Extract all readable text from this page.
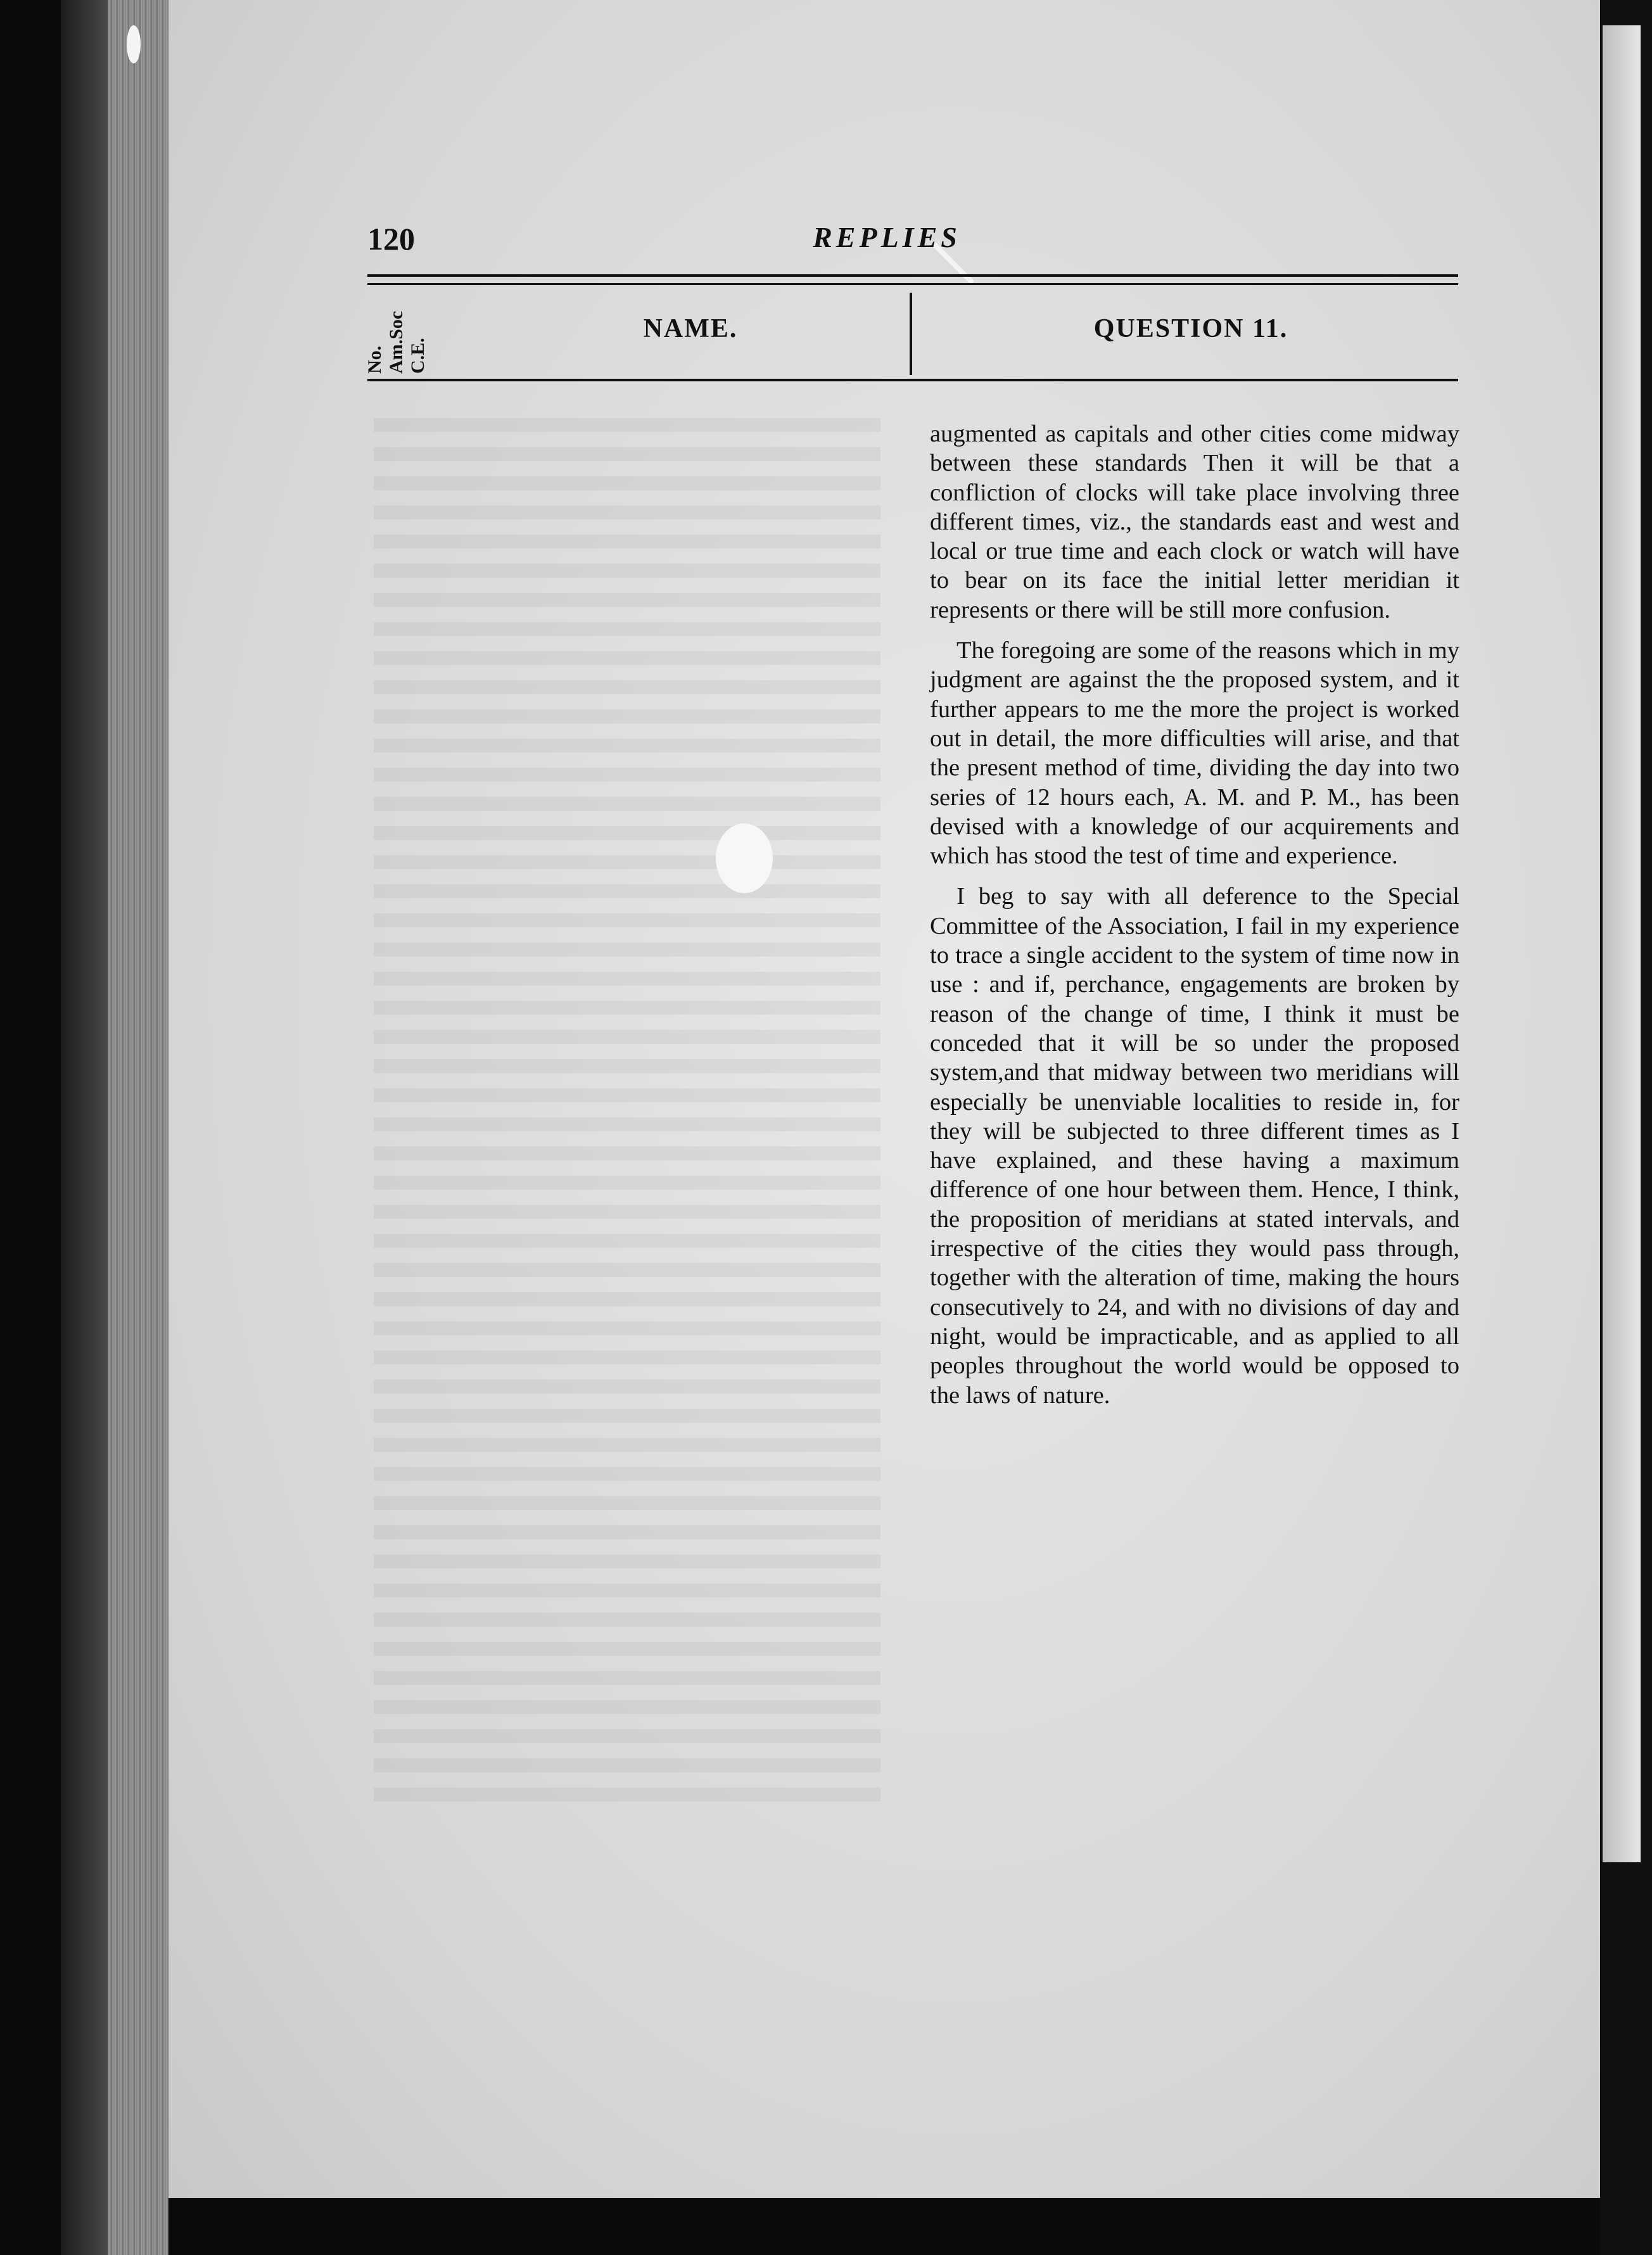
120	REPLIES
No. Am.Soc C.E.
NAME.	QUESTION 11.

augmented as capitals and other cities come midway between these standards Then it will be that a confliction of clocks will take place involving three different times, viz., the standards east and west and local or true time and each clock or watch will have to bear on its face the initial letter meridian it represents or there will be still more confusion.

The foregoing are some of the reasons which in my judgment are against the the proposed system, and it further appears to me the more the project is worked out in detail, the more difficulties will arise, and that the present method of time, dividing the day into two series of 12 hours each, A. M. and P. M., has been devised with a knowledge of our acquirements and which has stood the test of time and experience.

I beg to say with all deference to the Special Committee of the Association, I fail in my experience to trace a single accident to the system of time now in use : and if, perchance, engagements are broken by reason of the change of time, I think it must be conceded that it will be so under the proposed system,and that midway between two meridians will especially be unenviable localities to reside in, for they will be subjected to three different times as I have explained, and these having a maximum difference of one hour between them. Hence, I think, the proposition of meridians at stated intervals, and irrespective of the cities they would pass through, together with the alteration of time, making the hours consecutively to 24, and with no divisions of day and night, would be impracticable, and as applied to all peoples throughout the world would be opposed to the laws of nature.
